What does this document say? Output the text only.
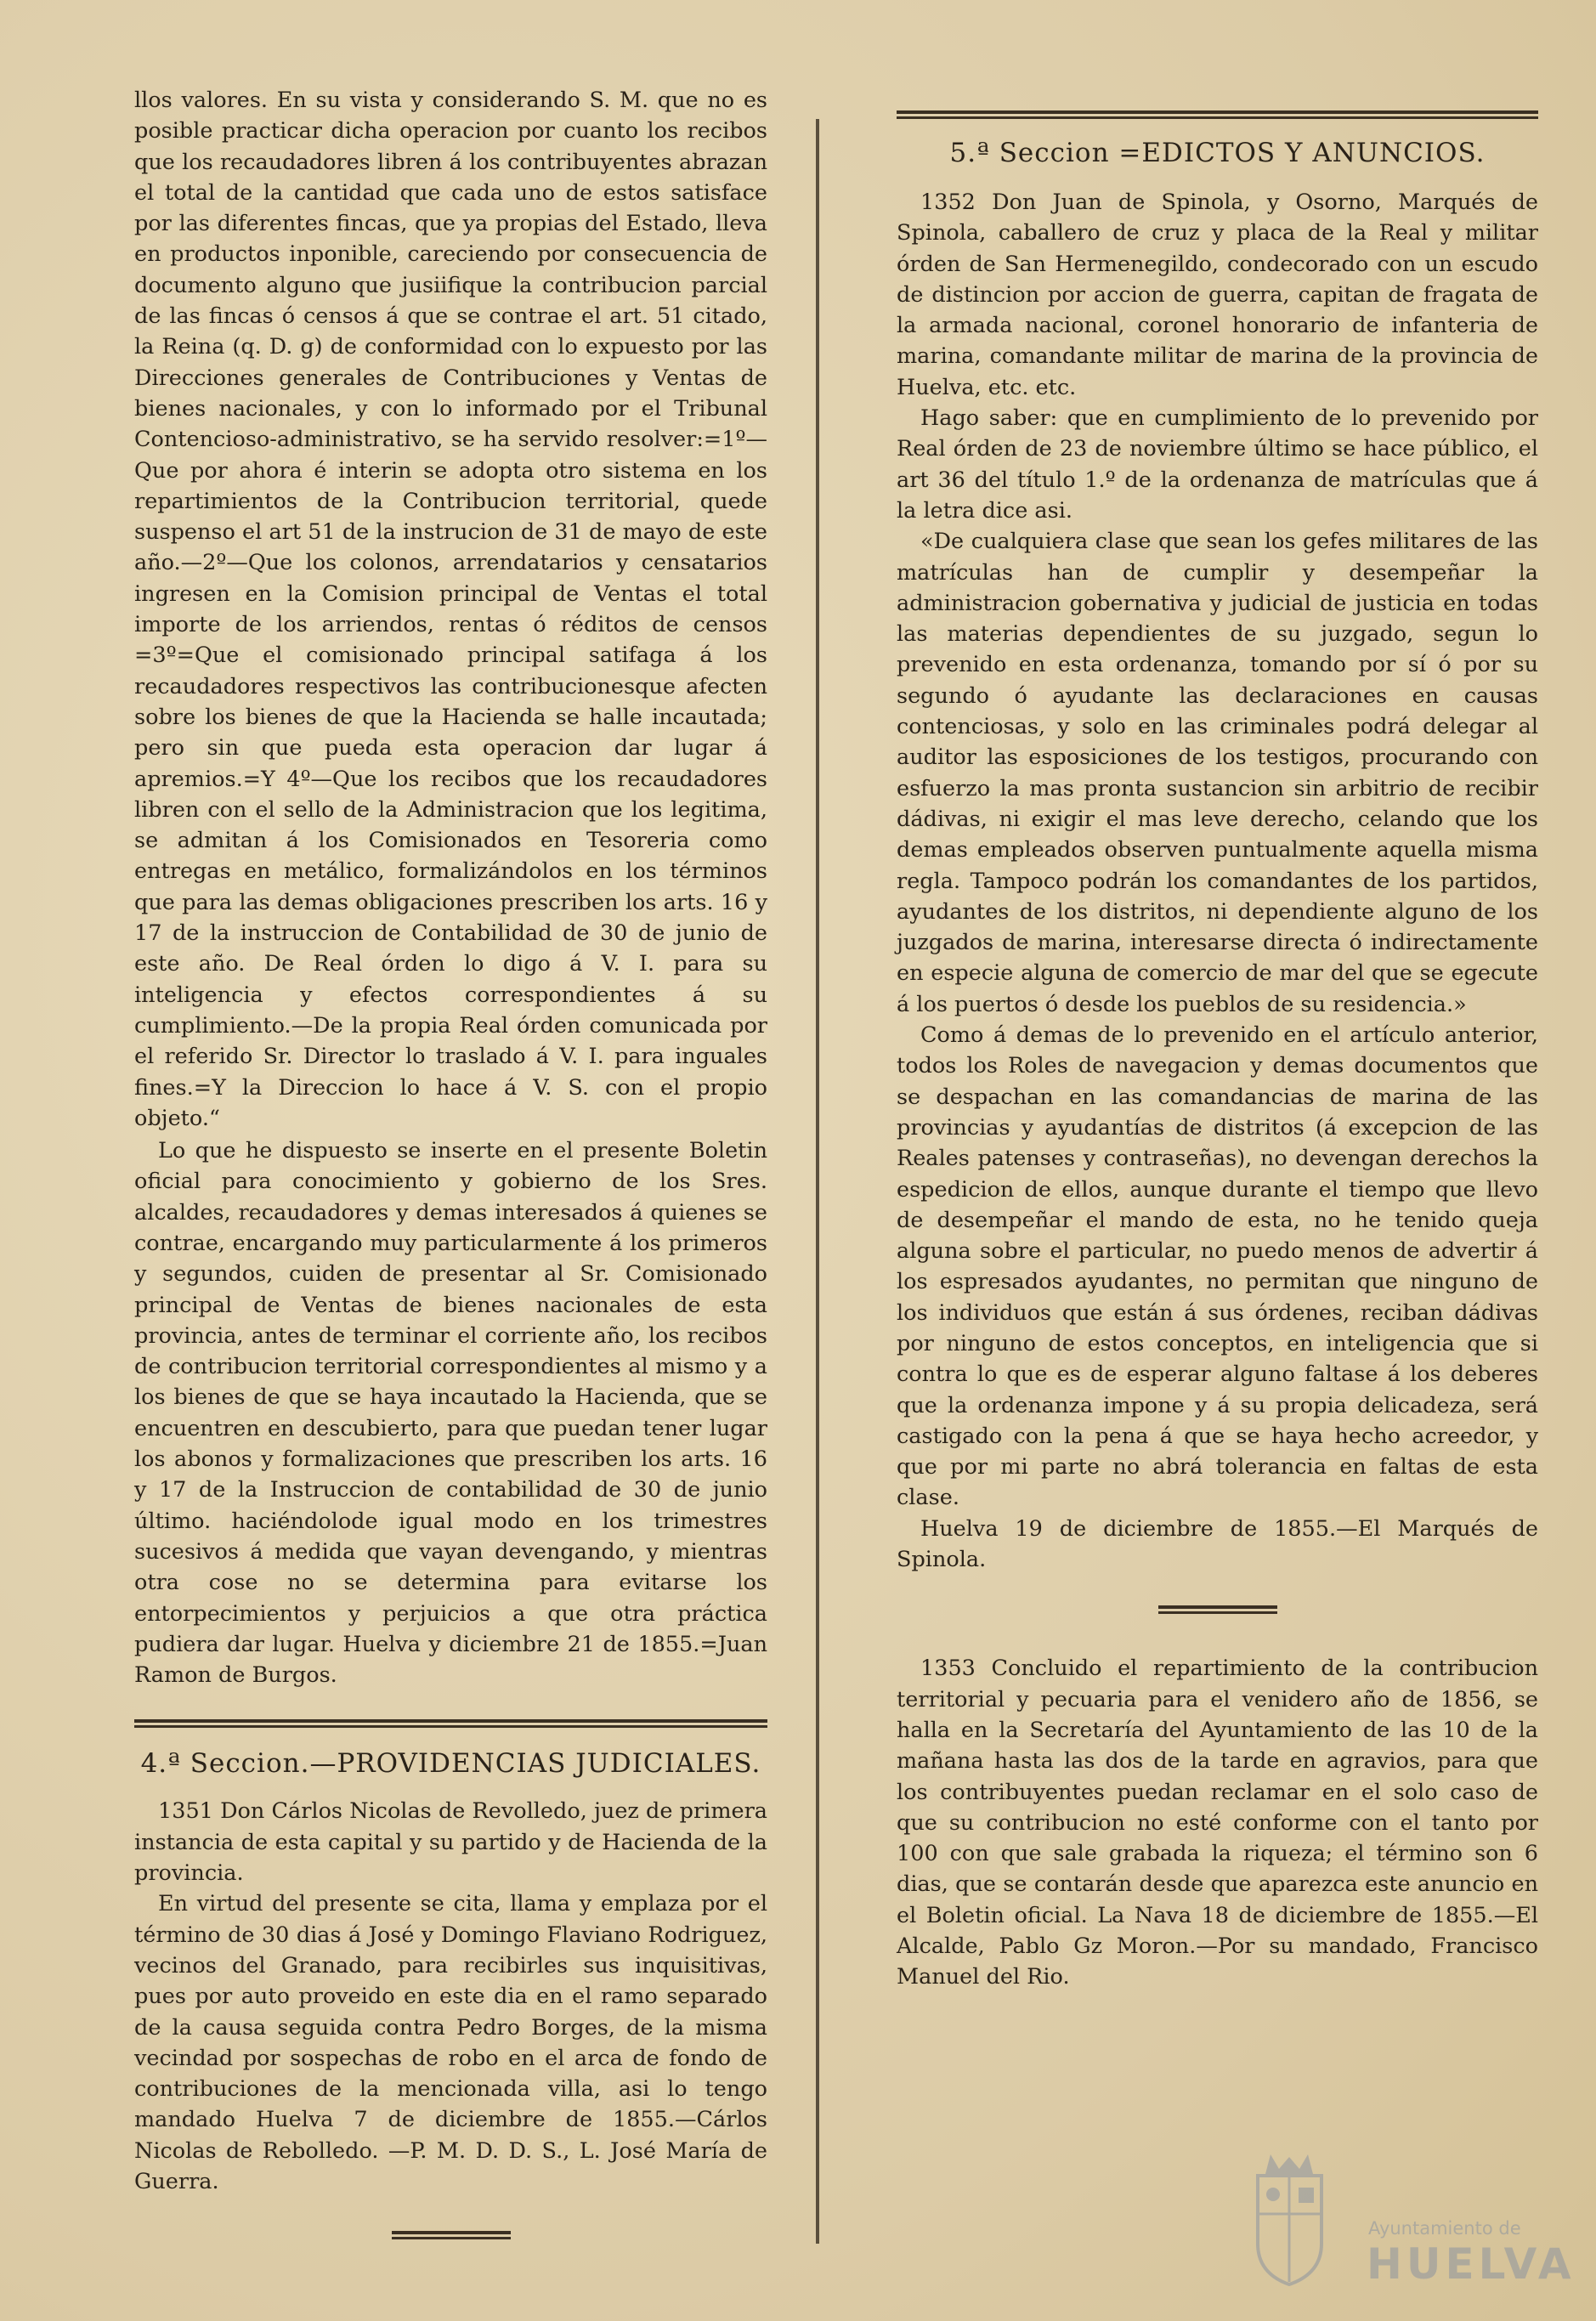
llos valores. En su vista y considerando S. M. que no es posible practicar dicha operacion por cuanto los recibos que los recaudadores libren á los contribuyentes abrazan el total de la cantidad que cada uno de estos satisface por las diferentes fincas, que ya propias del Estado, lleva en productos inponible, careciendo por consecuencia de documento alguno que jusiifique la contribucion parcial de las fincas ó censos á que se contrae el art. 51 citado, la Reina (q. D. g) de conformidad con lo expuesto por las Direcciones generales de Contribuciones y Ventas de bienes nacionales, y con lo informado por el Tribunal Contencioso-administrativo, se ha servido resolver:=1º—Que por ahora é interin se adopta otro sistema en los repartimientos de la Contribucion territorial, quede suspenso el art 51 de la instrucion de 31 de mayo de este año.—2º—Que los colonos, arrendatarios y censatarios ingresen en la Comision principal de Ventas el total importe de los arriendos, rentas ó réditos de censos =3º=Que el comisionado principal satifaga á los recaudadores respectivos las contribucionesque afecten sobre los bienes de que la Hacienda se halle incautada; pero sin que pueda esta operacion dar lugar á apremios.=Y 4º—Que los recibos que los recaudadores libren con el sello de la Administracion que los legitima, se admitan á los Comisionados en Tesoreria como entregas en metálico, formalizándolos en los términos que para las demas obligaciones prescriben los arts. 16 y 17 de la instruccion de Contabilidad de 30 de junio de este año. De Real órden lo digo á V. I. para su inteligencia y efectos correspondientes á su cumplimiento.—De la propia Real órden comunicada por el referido Sr. Director lo traslado á V. I. para inguales fines.=Y la Direccion lo hace á V. S. con el propio objeto.“

Lo que he dispuesto se inserte en el presente Boletin oficial para conocimiento y gobierno de los Sres. alcaldes, recaudadores y demas interesados á quienes se contrae, encargando muy particularmente á los primeros y segundos, cuiden de presentar al Sr. Comisionado principal de Ventas de bienes nacionales de esta provincia, antes de terminar el corriente año, los recibos de contribucion territorial correspondientes al mismo y a los bienes de que se haya incautado la Hacienda, que se encuentren en descubierto, para que puedan tener lugar los abonos y formalizaciones que prescriben los arts. 16 y 17 de la Instruccion de contabilidad de 30 de junio último. haciéndolode igual modo en los trimestres sucesivos á medida que vayan devengando, y mientras otra cose no se determina para evitarse los entorpecimientos y perjuicios a que otra práctica pudiera dar lugar. Huelva y diciembre 21 de 1855.=Juan Ramon de Burgos.

4.ª Seccion.—PROVIDENCIAS JUDICIALES.

1351 Don Cárlos Nicolas de Revolledo, juez de primera instancia de esta capital y su partido y de Hacienda de la provincia.

En virtud del presente se cita, llama y emplaza por el término de 30 dias á José y Domingo Flaviano Rodriguez, vecinos del Granado, para recibirles sus inquisitivas, pues por auto proveido en este dia en el ramo separado de la causa seguida contra Pedro Borges, de la misma vecindad por sospechas de robo en el arca de fondo de contribuciones de la mencionada villa, asi lo tengo mandado Huelva 7 de diciembre de 1855.—Cárlos Nicolas de Rebolledo. —P. M. D. D. S., L. José María de Guerra.

5.ª Seccion =EDICTOS Y ANUNCIOS.

1352 Don Juan de Spinola, y Osorno, Marqués de Spinola, caballero de cruz y placa de la Real y militar órden de San Hermenegildo, condecorado con un escudo de distincion por accion de guerra, capitan de fragata de la armada nacional, coronel honorario de infanteria de marina, comandante militar de marina de la provincia de Huelva, etc. etc.

Hago saber: que en cumplimiento de lo prevenido por Real órden de 23 de noviembre último se hace público, el art 36 del título 1.º de la ordenanza de matrículas que á la letra dice asi.

«De cualquiera clase que sean los gefes militares de las matrículas han de cumplir y desempeñar la administracion gobernativa y judicial de justicia en todas las materias dependientes de su juzgado, segun lo prevenido en esta ordenanza, tomando por sí ó por su segundo ó ayudante las declaraciones en causas contenciosas, y solo en las criminales podrá delegar al auditor las esposiciones de los testigos, procurando con esfuerzo la mas pronta sustancion sin arbitrio de recibir dádivas, ni exigir el mas leve derecho, celando que los demas empleados observen puntualmente aquella misma regla. Tampoco podrán los comandantes de los partidos, ayudantes de los distritos, ni dependiente alguno de los juzgados de marina, interesarse directa ó indirectamente en especie alguna de comercio de mar del que se egecute á los puertos ó desde los pueblos de su residencia.»

Como á demas de lo prevenido en el artículo anterior, todos los Roles de navegacion y demas documentos que se despachan en las comandancias de marina de las provincias y ayudantías de distritos (á excepcion de las Reales patenses y contraseñas), no devengan derechos la espedicion de ellos, aunque durante el tiempo que llevo de desempeñar el mando de esta, no he tenido queja alguna sobre el particular, no puedo menos de advertir á los espresados ayudantes, no permitan que ninguno de los individuos que están á sus órdenes, reciban dádivas por ninguno de estos conceptos, en inteligencia que si contra lo que es de esperar alguno faltase á los deberes que la ordenanza impone y á su propia delicadeza, será castigado con la pena á que se haya hecho acreedor, y que por mi parte no abrá tolerancia en faltas de esta clase.

Huelva 19 de diciembre de 1855.—El Marqués de Spinola.

1353 Concluido el repartimiento de la contribucion territorial y pecuaria para el venidero año de 1856, se halla en la Secretaría del Ayuntamiento de las 10 de la mañana hasta las dos de la tarde en agravios, para que los contribuyentes puedan reclamar en el solo caso de que su contribucion no esté conforme con el tanto por 100 con que sale grabada la riqueza; el término son 6 dias, que se contarán desde que aparezca este anuncio en el Boletin oficial. La Nava 18 de diciembre de 1855.—El Alcalde, Pablo Gz Moron.—Por su mandado, Francisco Manuel del Rio.

Ayuntamiento de
HUELVA
